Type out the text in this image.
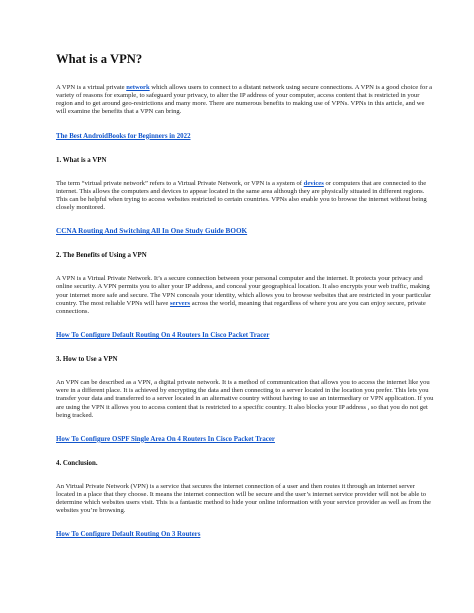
What is a VPN?

A VPN is a virtual private network which allows users to connect to a distant network using secure connections. A VPN is a good choice for a variety of reasons for example, to safeguard your privacy, to alter the IP address of your computer, access content that is restricted in your region and to get around geo-restrictions and many more. There are numerous benefits to making use of VPNs. VPNs in this article, and we will examine the benefits that a VPN can bring.

The Best AndroidBooks for Beginners in 2022

1. What is a VPN

The term “virtual private network” refers to a Virtual Private Network, or VPN is a system of devices or computers that are connected to the internet. This allows the computers and devices to appear located in the same area although they are physically situated in different regions. This can be helpful when trying to access websites restricted to certain countries. VPNs also enable you to browse the internet without being closely monitored.

CCNA Routing And Switching All In One Study Guide BOOK

2. The Benefits of Using a VPN

A VPN is a Virtual Private Network. It’s a secure connection between your personal computer and the internet. It protects your privacy and online security. A VPN permits you to alter your IP address, and conceal your geographical location. It also encrypts your web traffic, making your internet more safe and secure. The VPN conceals your identity, which allows you to browse websites that are restricted in your particular country. The most reliable VPNs will have servers across the world, meaning that regardless of where you are you can enjoy secure, private connections.

How To Configure Default Routing On 4 Routers In Cisco Packet Tracer

3. How to Use a VPN

An VPN can be described as a VPN, a digital private network. It is a method of communication that allows you to access the internet like you were in a different place. It is achieved by encrypting the data and then connecting to a server located in the location you prefer. This lets you transfer your data and transferred to a server located in an alternative country without having to use an intermediary or VPN application. If you are using the VPN it allows you to access content that is restricted to a specific country. It also blocks your IP address , so that you do not get being tracked.

How To Configure OSPF Single Area On 4 Routers In Cisco Packet Tracer

4. Conclusion.

An Virtual Private Network (VPN) is a service that secures the internet connection of a user and then routes it through an internet server located in a place that they choose. It means the internet connection will be secure and the user’s internet service provider will not be able to determine which websites users visit. This is a fantastic method to hide your online information with your service provider as well as from the websites you’re browsing.

How To Configure Default Routing On 3 Routers
